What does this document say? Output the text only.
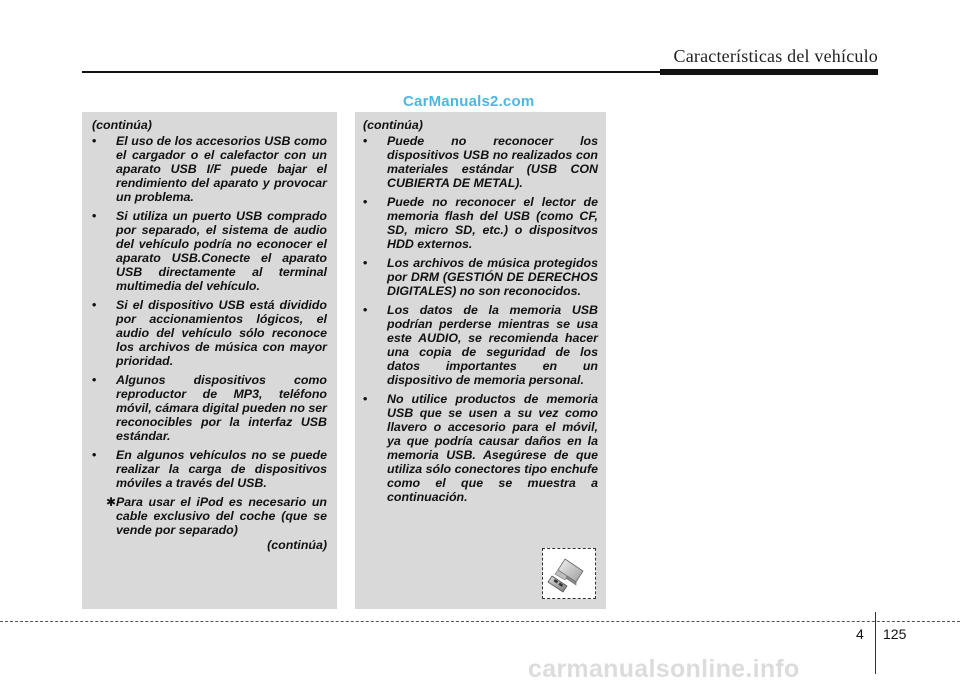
Características del vehículo
CarManuals2.com

(continúa)

• El uso de los accesorios USB como el cargador o el calefactor con un aparato USB I/F puede bajar el rendimiento del aparato y provocar un problema.
• Si utiliza un puerto USB comprado por separado, el sistema de audio del vehículo podría no econocer el aparato USB.Conecte el aparato USB directamente al terminal multimedia del vehículo.
• Si el dispositivo USB está dividido por accionamientos lógicos, el audio del vehículo sólo reconoce los archivos de música con mayor prioridad.
• Algunos dispositivos como reproductor de MP3, teléfono móvil, cámara digital pueden no ser reconocibles por la interfaz USB estándar.
• En algunos vehículos no se puede realizar la carga de dispositivos móviles a través del USB.

✱ Para usar el iPod es necesario un cable exclusivo del coche (que se vende por separado)

(continúa)

(continúa)

• Puede no reconocer los dispositivos USB no realizados con materiales estándar (USB CON CUBIERTA DE METAL).
• Puede no reconocer el lector de memoria flash del USB (como CF, SD, micro SD, etc.) o dispositvos HDD externos.
• Los archivos de música protegidos por DRM (GESTIÓN DE DERECHOS DIGITALES) no son reconocidos.
• Los datos de la memoria USB podrían perderse mientras se usa este AUDIO, se recomienda hacer una copia de seguridad de los datos importantes en un dispositivo de memoria personal.
• No utilice productos de memoria USB que se usen a su vez como llavero o accesorio para el móvil, ya que podría causar daños en la memoria USB. Asegúrese de que utiliza sólo conectores tipo enchufe como el que se muestra a continuación.
4 125
carmanualsonline.info
